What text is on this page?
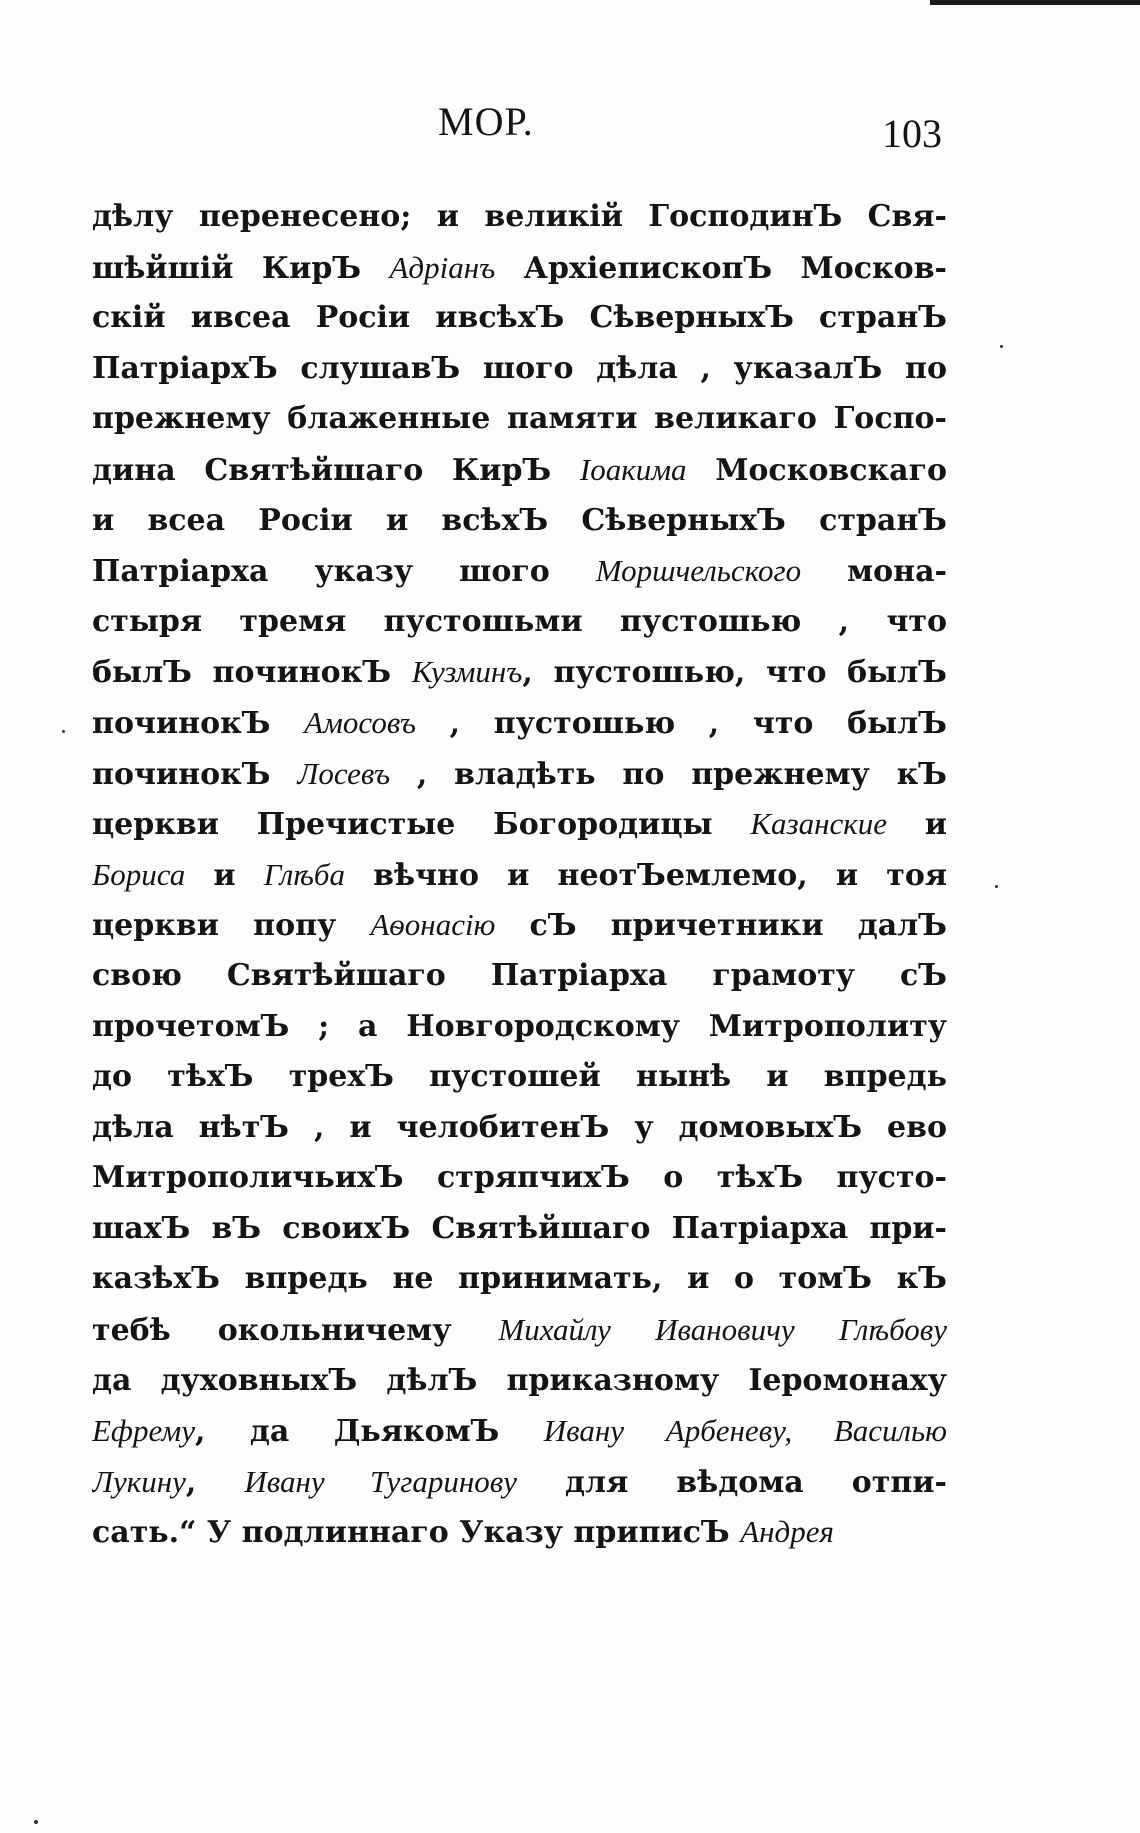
МОР.	103
дѣлу перенесено; и великій ГосподинЪ Свя-
шѣйшій КирЪ Адріанъ АрхіепископЪ Москов-
скій ивсеа Росіи ивсѣхЪ СѣверныхЪ странЪ
ПатріархЪ слушавЪ шого дѣла , указалЪ по
прежнему блаженные памяти великаго Госпо-
дина Святѣйшаго КирЪ Іоакима Московскаго
и всеа Росіи и всѣхЪ СѣверныхЪ странЪ
Патріарха указу шого Моршчельского мона-
стыря тремя пустошьми пустошью , что
былЪ починокЪ Кузминъ, пустошью, что былЪ
починокЪ Амосовъ , пустошью , что былЪ
починокЪ Лосевъ , владѣть по прежнему кЪ
церкви Пречистые Богородицы Казанские и
Бориса и Глѣба вѣчно и неотЪемлемо, и тоя
церкви попу Аѳонасію сЪ причетники далЪ
свою Святѣйшаго Патріарха грамоту сЪ
прочетомЪ ; а Новгородскому Митрополиту
до тѣхЪ трехЪ пустошей нынѣ и впредь
дѣла нѣтЪ , и челобитенЪ у домовыхЪ ево
МитрополичьихЪ стряпчихЪ о тѣхЪ пусто-
шахЪ вЪ своихЪ Святѣйшаго Патріарха при-
казѣхЪ впредь не принимать, и о томЪ кЪ
тебѣ окольничему Михайлу Ивановичу Глѣбову
да духовныхЪ дѣлЪ приказному Іеромонаху
Ефрему, да ДьякомЪ Ивану Арбеневу, Василью
Лукину, Ивану Тугаринову для вѣдома отпи-
сать.“ У подлиннаго Указу приписЪ Андрея
